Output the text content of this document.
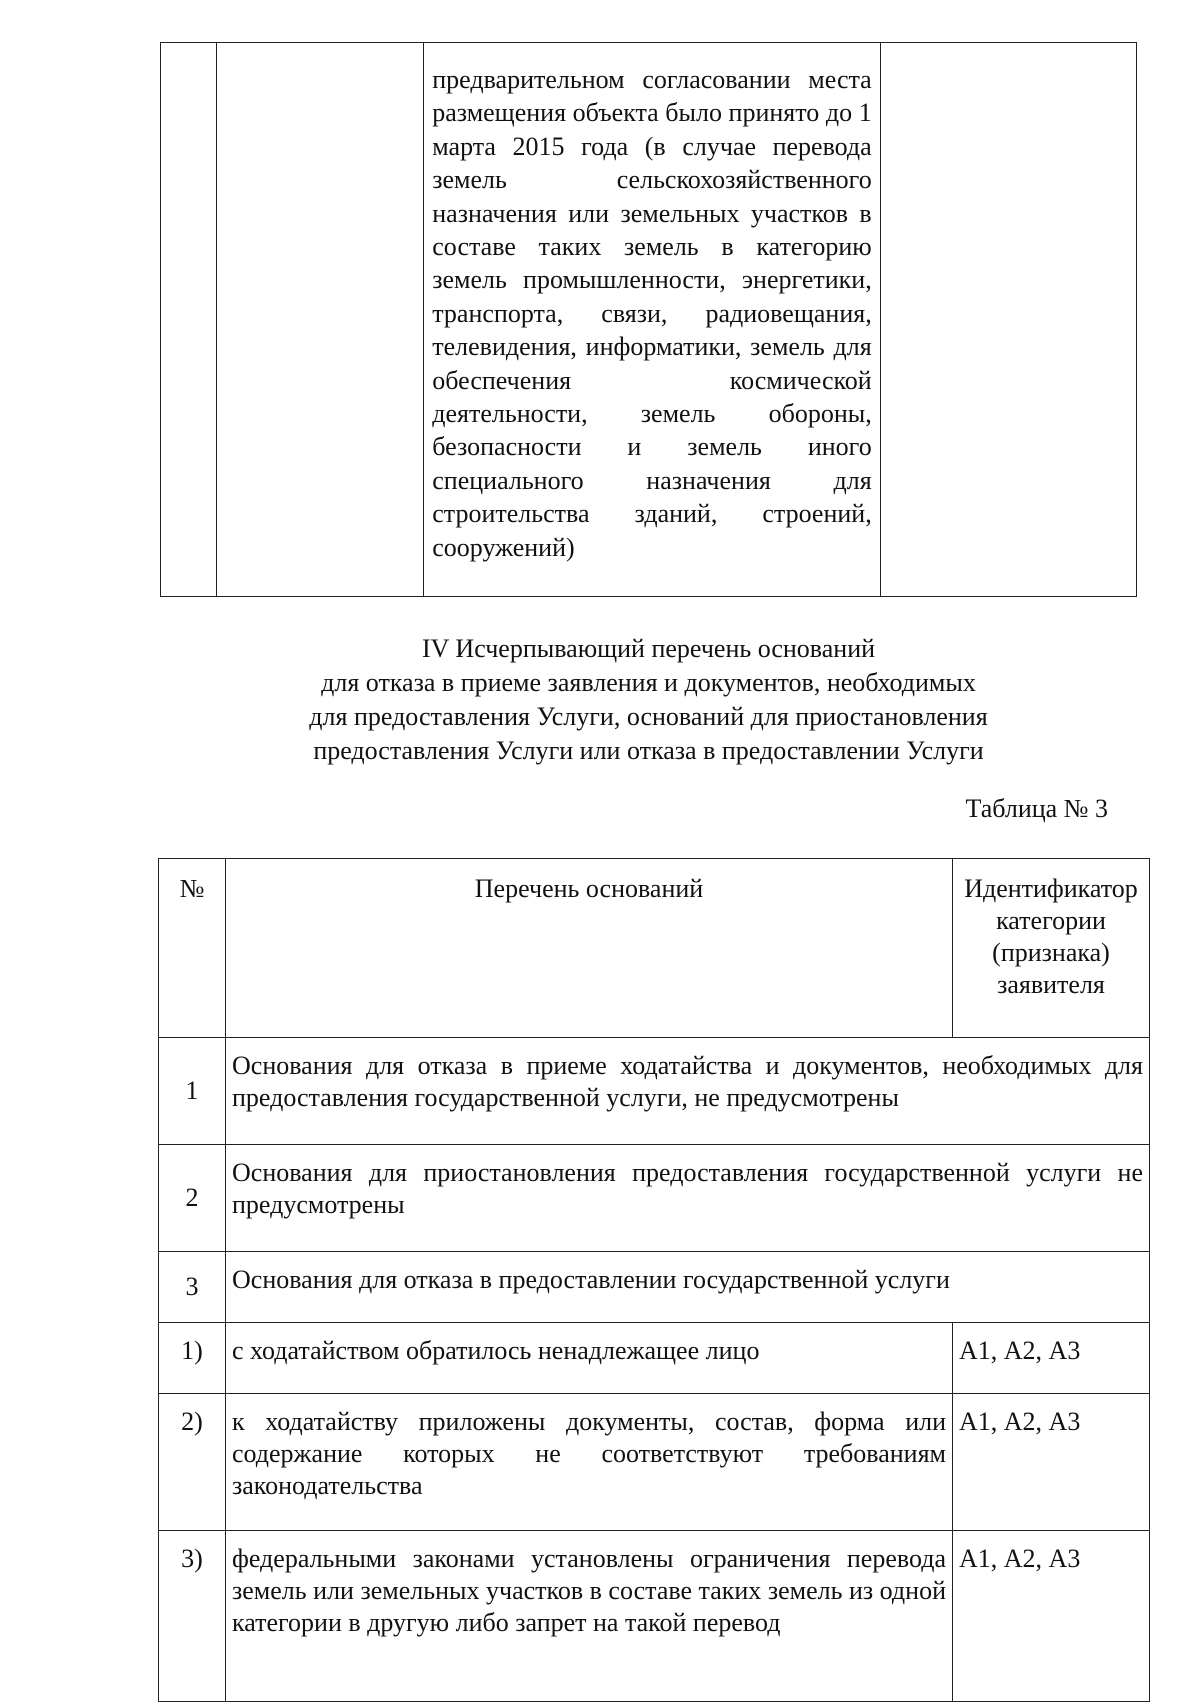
предварительном согласовании места размещения объекта было принято до 1 марта 2015 года (в случае перевода земель сельскохозяйственного назначения или земельных участков в составе таких земель в категорию земель промышленности, энергетики, транспорта, связи, радиовещания, телевидения, информатики, земель для обеспечения космической деятельности, земель обороны, безопасности и земель иного специального назначения для строительства зданий, строений, сооружений)

IV Исчерпывающий перечень оснований
для отказа в приеме заявления и документов, необходимых
для предоставления Услуги, оснований для приостановления
предоставления Услуги или отказа в предоставлении Услуги
Таблица № 3
№	Перечень оснований	Идентификатор категории (признака) заявителя
1	Основания для отказа в приеме ходатайства и документов, необходимых для предоставления государственной услуги, не предусмотрены	
2	Основания для приостановления предоставления государственной услуги не предусмотрены	
3	Основания для отказа в предоставлении государственной услуги	
1)	с ходатайством обратилось ненадлежащее лицо	А1, А2, А3
2)	к ходатайству приложены документы, состав, форма или содержание которых не соответствуют требованиям законодательства	А1, А2, А3
3)	федеральными законами установлены ограничения перевода земель или земельных участков в составе таких земель из одной категории в другую либо запрет на такой перевод	А1, А2, А3
